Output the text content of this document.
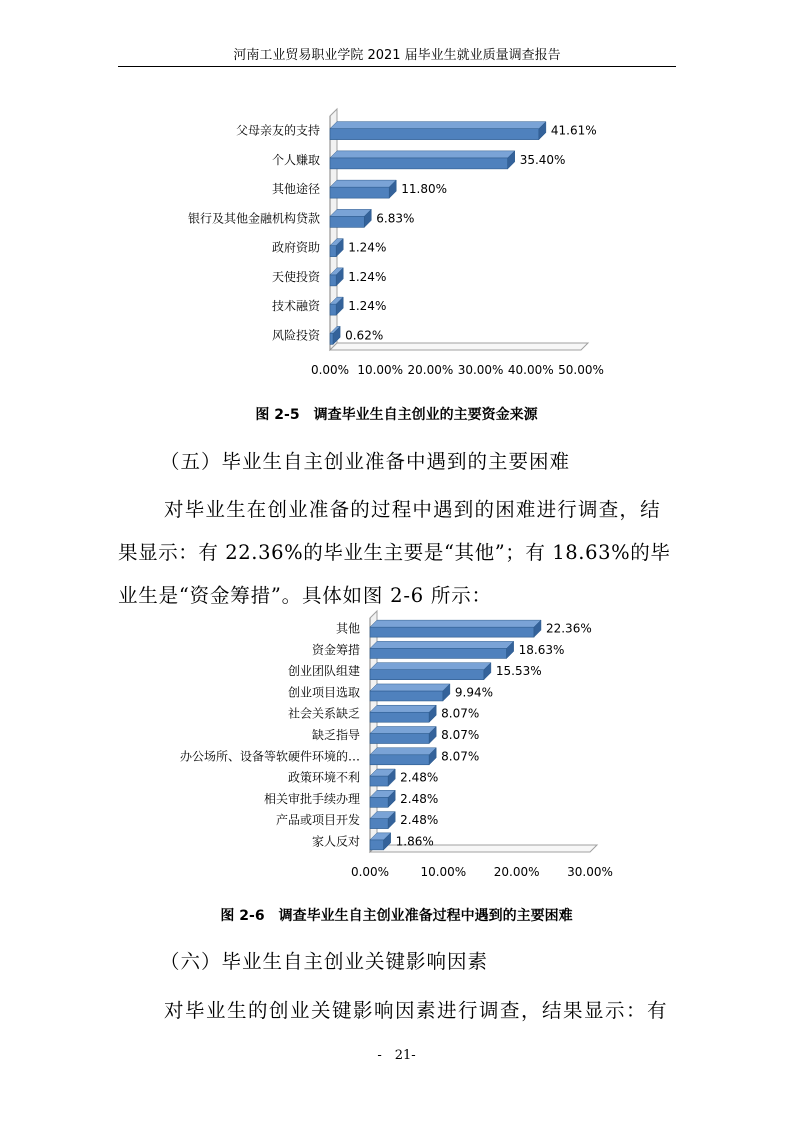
河南工业贸易职业学院 2021 届毕业生就业质量调查报告
父母亲友的支持	41.61%
个人赚取	35.40%
其他途径	11.80%
银行及其他金融机构贷款	6.83%
政府资助 1.24%
天使投资 1.24%
技术融资 1.24%
风险投资 0.62%
0.00% 10.00% 20.00% 30.00% 40.00% 50.00%
图 2-5　调查毕业生自主创业的主要资金来源
（五）毕业生自主创业准备中遇到的主要困难
对毕业生在创业准备的过程中遇到的困难进行调查，结
果显示：有 22.36%的毕业生主要是“其他”；有 18.63%的毕
业生是“资金筹措”。具体如图 2-6 所示：
其他	22.36%
资金筹措	18.63%
创业团队组建	15.53%
创业项目选取	9.94%
社会关系缺乏	8.07%
缺乏指导	8.07%
办公场所、设备等软硬件环境的…	8.07%
政策环境不利	2.48%
相关审批手续办理	2.48%
产品或项目开发	2.48%
家人反对	1.86%
0.00%	10.00% 20.00% 30.00%
图 2-6　调查毕业生自主创业准备过程中遇到的主要困难
（六）毕业生自主创业关键影响因素
对毕业生的创业关键影响因素进行调查，结果显示：有
-　21-
